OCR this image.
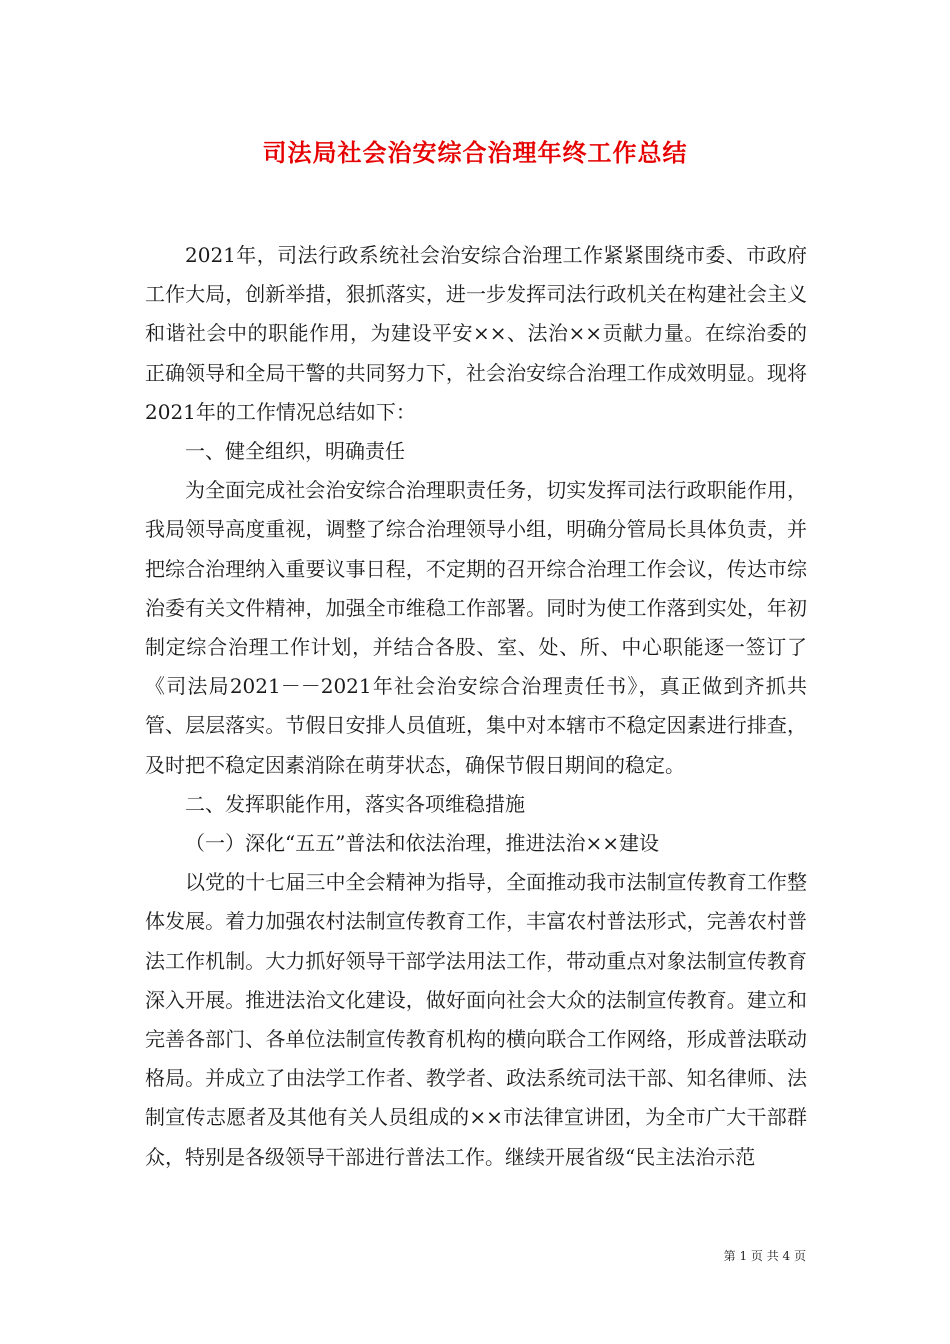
司法局社会治安综合治理年终工作总结

2021年，司法行政系统社会治安综合治理工作紧紧围绕市委、市政府工作大局，创新举措，狠抓落实，进一步发挥司法行政机关在构建社会主义和谐社会中的职能作用，为建设平安××、法治××贡献力量。在综治委的正确领导和全局干警的共同努力下，社会治安综合治理工作成效明显。现将2021年的工作情况总结如下：

一、健全组织，明确责任

为全面完成社会治安综合治理职责任务，切实发挥司法行政职能作用，我局领导高度重视，调整了综合治理领导小组，明确分管局长具体负责，并把综合治理纳入重要议事日程，不定期的召开综合治理工作会议，传达市综治委有关文件精神，加强全市维稳工作部署。同时为使工作落到实处，年初制定综合治理工作计划，并结合各股、室、处、所、中心职能逐一签订了《司法局2021－－2021年社会治安综合治理责任书》，真正做到齐抓共管、层层落实。节假日安排人员值班，集中对本辖市不稳定因素进行排查，及时把不稳定因素消除在萌芽状态，确保节假日期间的稳定。

二、发挥职能作用，落实各项维稳措施

（一）深化“五五”普法和依法治理，推进法治××建设

以党的十七届三中全会精神为指导，全面推动我市法制宣传教育工作整体发展。着力加强农村法制宣传教育工作，丰富农村普法形式，完善农村普法工作机制。大力抓好领导干部学法用法工作，带动重点对象法制宣传教育深入开展。推进法治文化建设，做好面向社会大众的法制宣传教育。建立和完善各部门、各单位法制宣传教育机构的横向联合工作网络，形成普法联动格局。并成立了由法学工作者、教学者、政法系统司法干部、知名律师、法制宣传志愿者及其他有关人员组成的××市法律宣讲团，为全市广大干部群众，特别是各级领导干部进行普法工作。继续开展省级“民主法治示范

第 1 页 共 4 页
